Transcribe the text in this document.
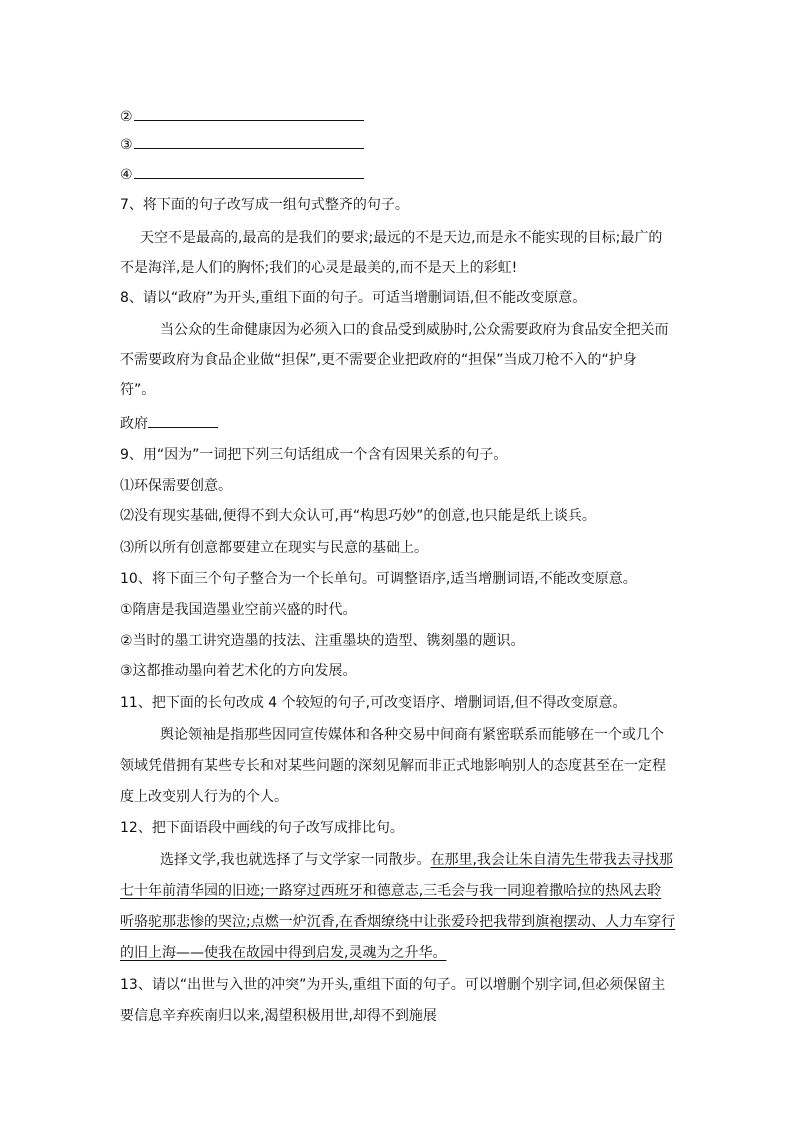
②
③
④
7、将下面的句子改写成一组句式整齐的句子。
天空不是最高的,最高的是我们的要求;最远的不是天边,而是永不能实现的目标;最广的
不是海洋,是人们的胸怀;我们的心灵是最美的,而不是天上的彩虹!
8、请以“政府”为开头,重组下面的句子。可适当增删词语,但不能改变原意。
当公众的生命健康因为必须入口的食品受到威胁时,公众需要政府为食品安全把关而
不需要政府为食品企业做“担保”,更不需要企业把政府的“担保”当成刀枪不入的“护身
符”。
政府
9、用“因为”一词把下列三句话组成一个含有因果关系的句子。
⑴环保需要创意。
⑵没有现实基础,便得不到大众认可,再“构思巧妙”的创意,也只能是纸上谈兵。
⑶所以所有创意都要建立在现实与民意的基础上。
10、将下面三个句子整合为一个长单句。可调整语序,适当增删词语,不能改变原意。
①隋唐是我国造墨业空前兴盛的时代。
②当时的墨工讲究造墨的技法、注重墨块的造型、镌刻墨的题识。
③这都推动墨向着艺术化的方向发展。
11、把下面的长句改成 4 个较短的句子,可改变语序、增删词语,但不得改变原意。
舆论领袖是指那些因同宣传媒体和各种交易中间商有紧密联系而能够在一个或几个
领域凭借拥有某些专长和对某些问题的深刻见解而非正式地影响别人的态度甚至在一定程
度上改变别人行为的个人。
12、把下面语段中画线的句子改写成排比句。
选择文学,我也就选择了与文学家一同散步。在那里,我会让朱自清先生带我去寻找那
七十年前清华园的旧迹;一路穿过西班牙和德意志,三毛会与我一同迎着撒哈拉的热风去聆
听骆驼那悲惨的哭泣;点燃一炉沉香,在香烟缭绕中让张爱玲把我带到旗袍摆动、人力车穿行
的旧上海——使我在故园中得到启发,灵魂为之升华。
13、请以“出世与入世的冲突”为开头,重组下面的句子。可以增删个别字词,但必须保留主
要信息辛弃疾南归以来,渴望积极用世,却得不到施展
